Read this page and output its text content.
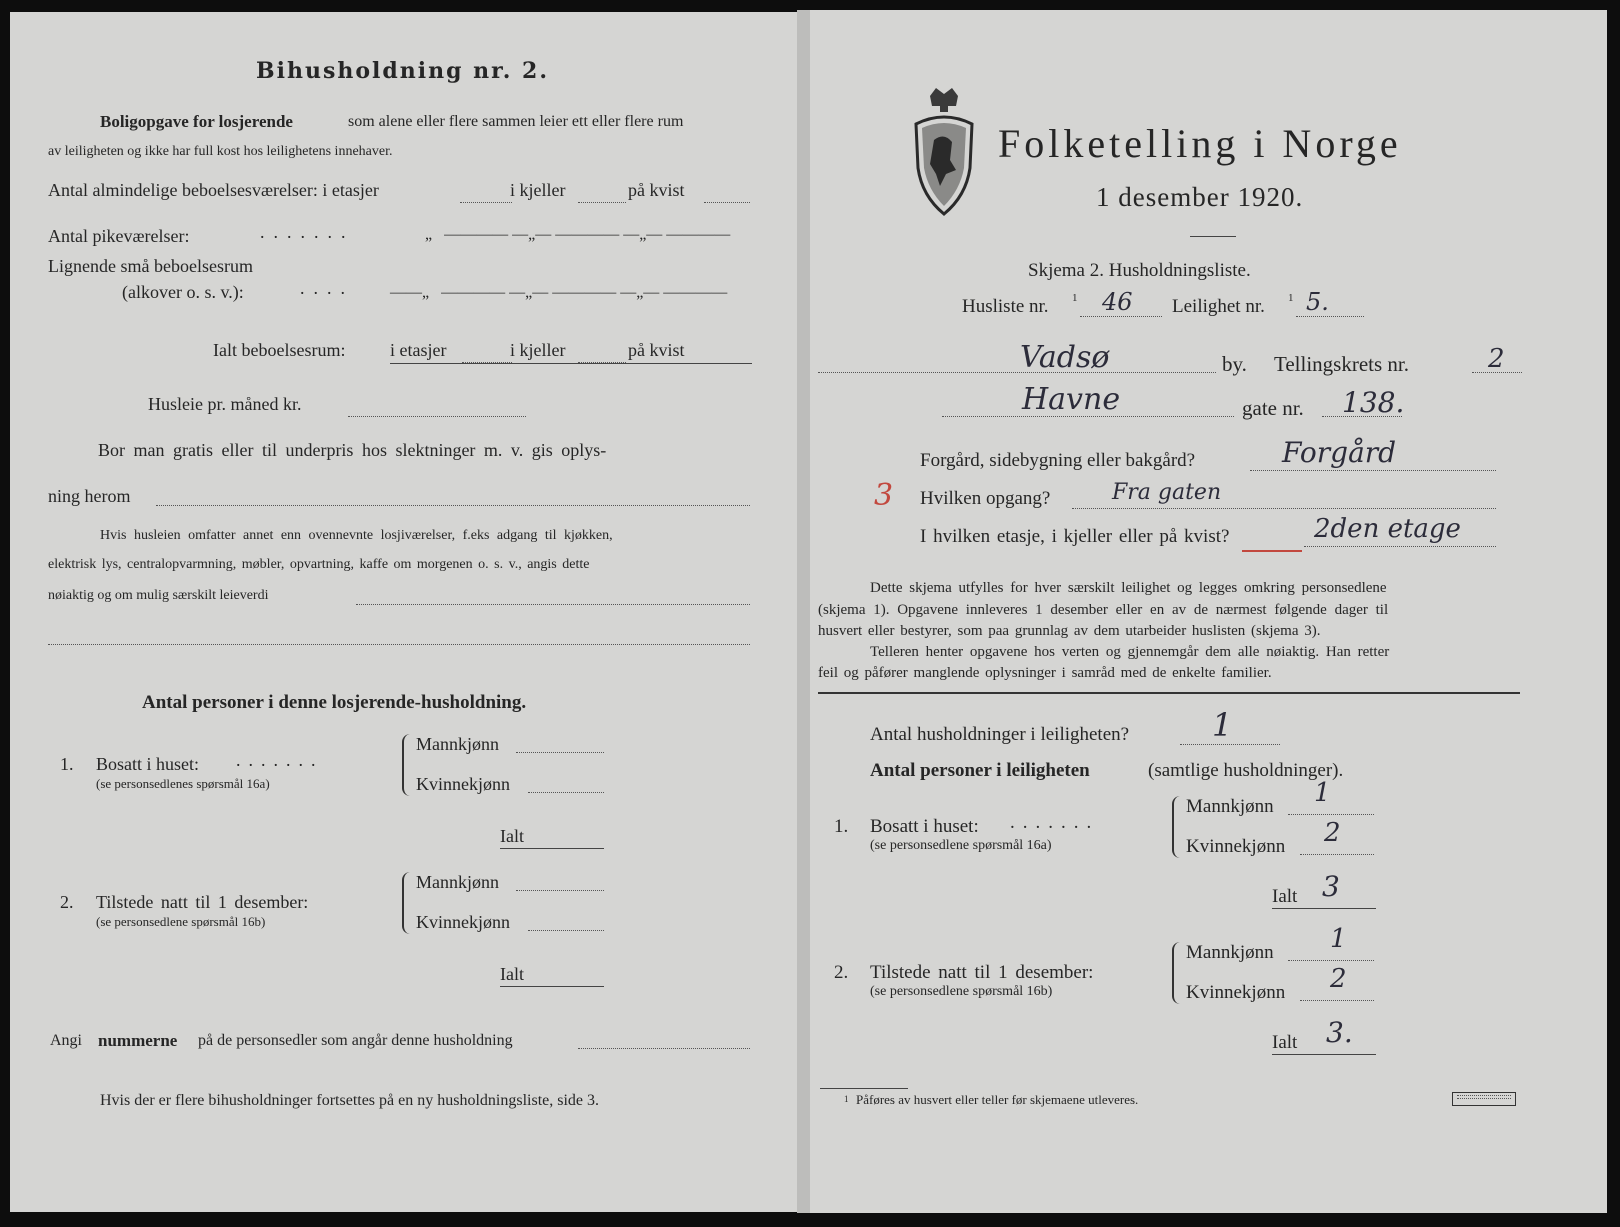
Bihusholdning nr. 2.
Boligopgave for losjerende	som alene eller flere sammen leier ett eller flere rum
av leiligheten og ikke har full kost hos leilighetens innehaver.
Antal almindelige beboelsesværelser: i etasjer	i kjeller	på kvist
Antal pikeværelser:	.......	„   ———— —„— ———— —„— ————
Lignende små beboelsesrum
(alkover o. s. v.):	.... ——„   ———— —„— ———— —„— ————
Ialt beboelsesrum: i etasjer	i kjeller	på kvist
Husleie pr. måned kr.
Bor man gratis eller til underpris hos slektninger m. v. gis oplys-
ning herom
Hvis husleien omfatter annet enn ovennevnte losjiværelser, f.eks adgang til kjøkken,
elektrisk lys, centralopvarmning, møbler, opvartning, kaffe om morgenen o. s. v., angis dette
nøiaktig og om mulig særskilt leieverdi
Antal personer i denne losjerende-husholdning.
1. Bosatt i huset: .......
(se personsedlenes spørsmål 16a)
Mannkjønn
Kvinnekjønn
Ialt
2. Tilstede natt til 1 desember:
(se personsedlene spørsmål 16b)
Mannkjønn
Kvinnekjønn
Ialt
Angi nummerne på de personsedler som angår denne husholdning
Hvis der er flere bihusholdninger fortsettes på en ny husholdningsliste, side 3.
Folketelling i Norge
1 desember 1920.
Skjema 2. Husholdningsliste.
Husliste nr. 1 46 Leilighet nr. 1 5.
Vadsø	by. Tellingskrets nr.	2
Havne	gate nr. 138.
Forgård, sidebygning eller bakgård?	Forgård
3 Hvilken opgang?	Fra gaten
I hvilken etasje, i kjeller eller på kvist?	2den etage
Dette skjema utfylles for hver særskilt leilighet og legges omkring personsedlene
(skjema 1). Opgavene innleveres 1 desember eller en av de nærmest følgende dager til
husvert eller bestyrer, som paa grunnlag av dem utarbeider huslisten (skjema 3).
Telleren henter opgavene hos verten og gjennemgår dem alle nøiaktig. Han retter
feil og påfører manglende oplysninger i samråd med de enkelte familier.
Antal husholdninger i leiligheten?	1
Antal personer i leiligheten	(samtlige husholdninger).
1. Bosatt i huset: .......
(se personsedlene spørsmål 16a)
Mannkjønn 1
Kvinnekjønn 2
Ialt 3
2. Tilstede natt til 1 desember:
(se personsedlene spørsmål 16b)
Mannkjønn 1
Kvinnekjønn 2
Ialt 3.
1 Påføres av husvert eller teller før skjemaene utleveres.
